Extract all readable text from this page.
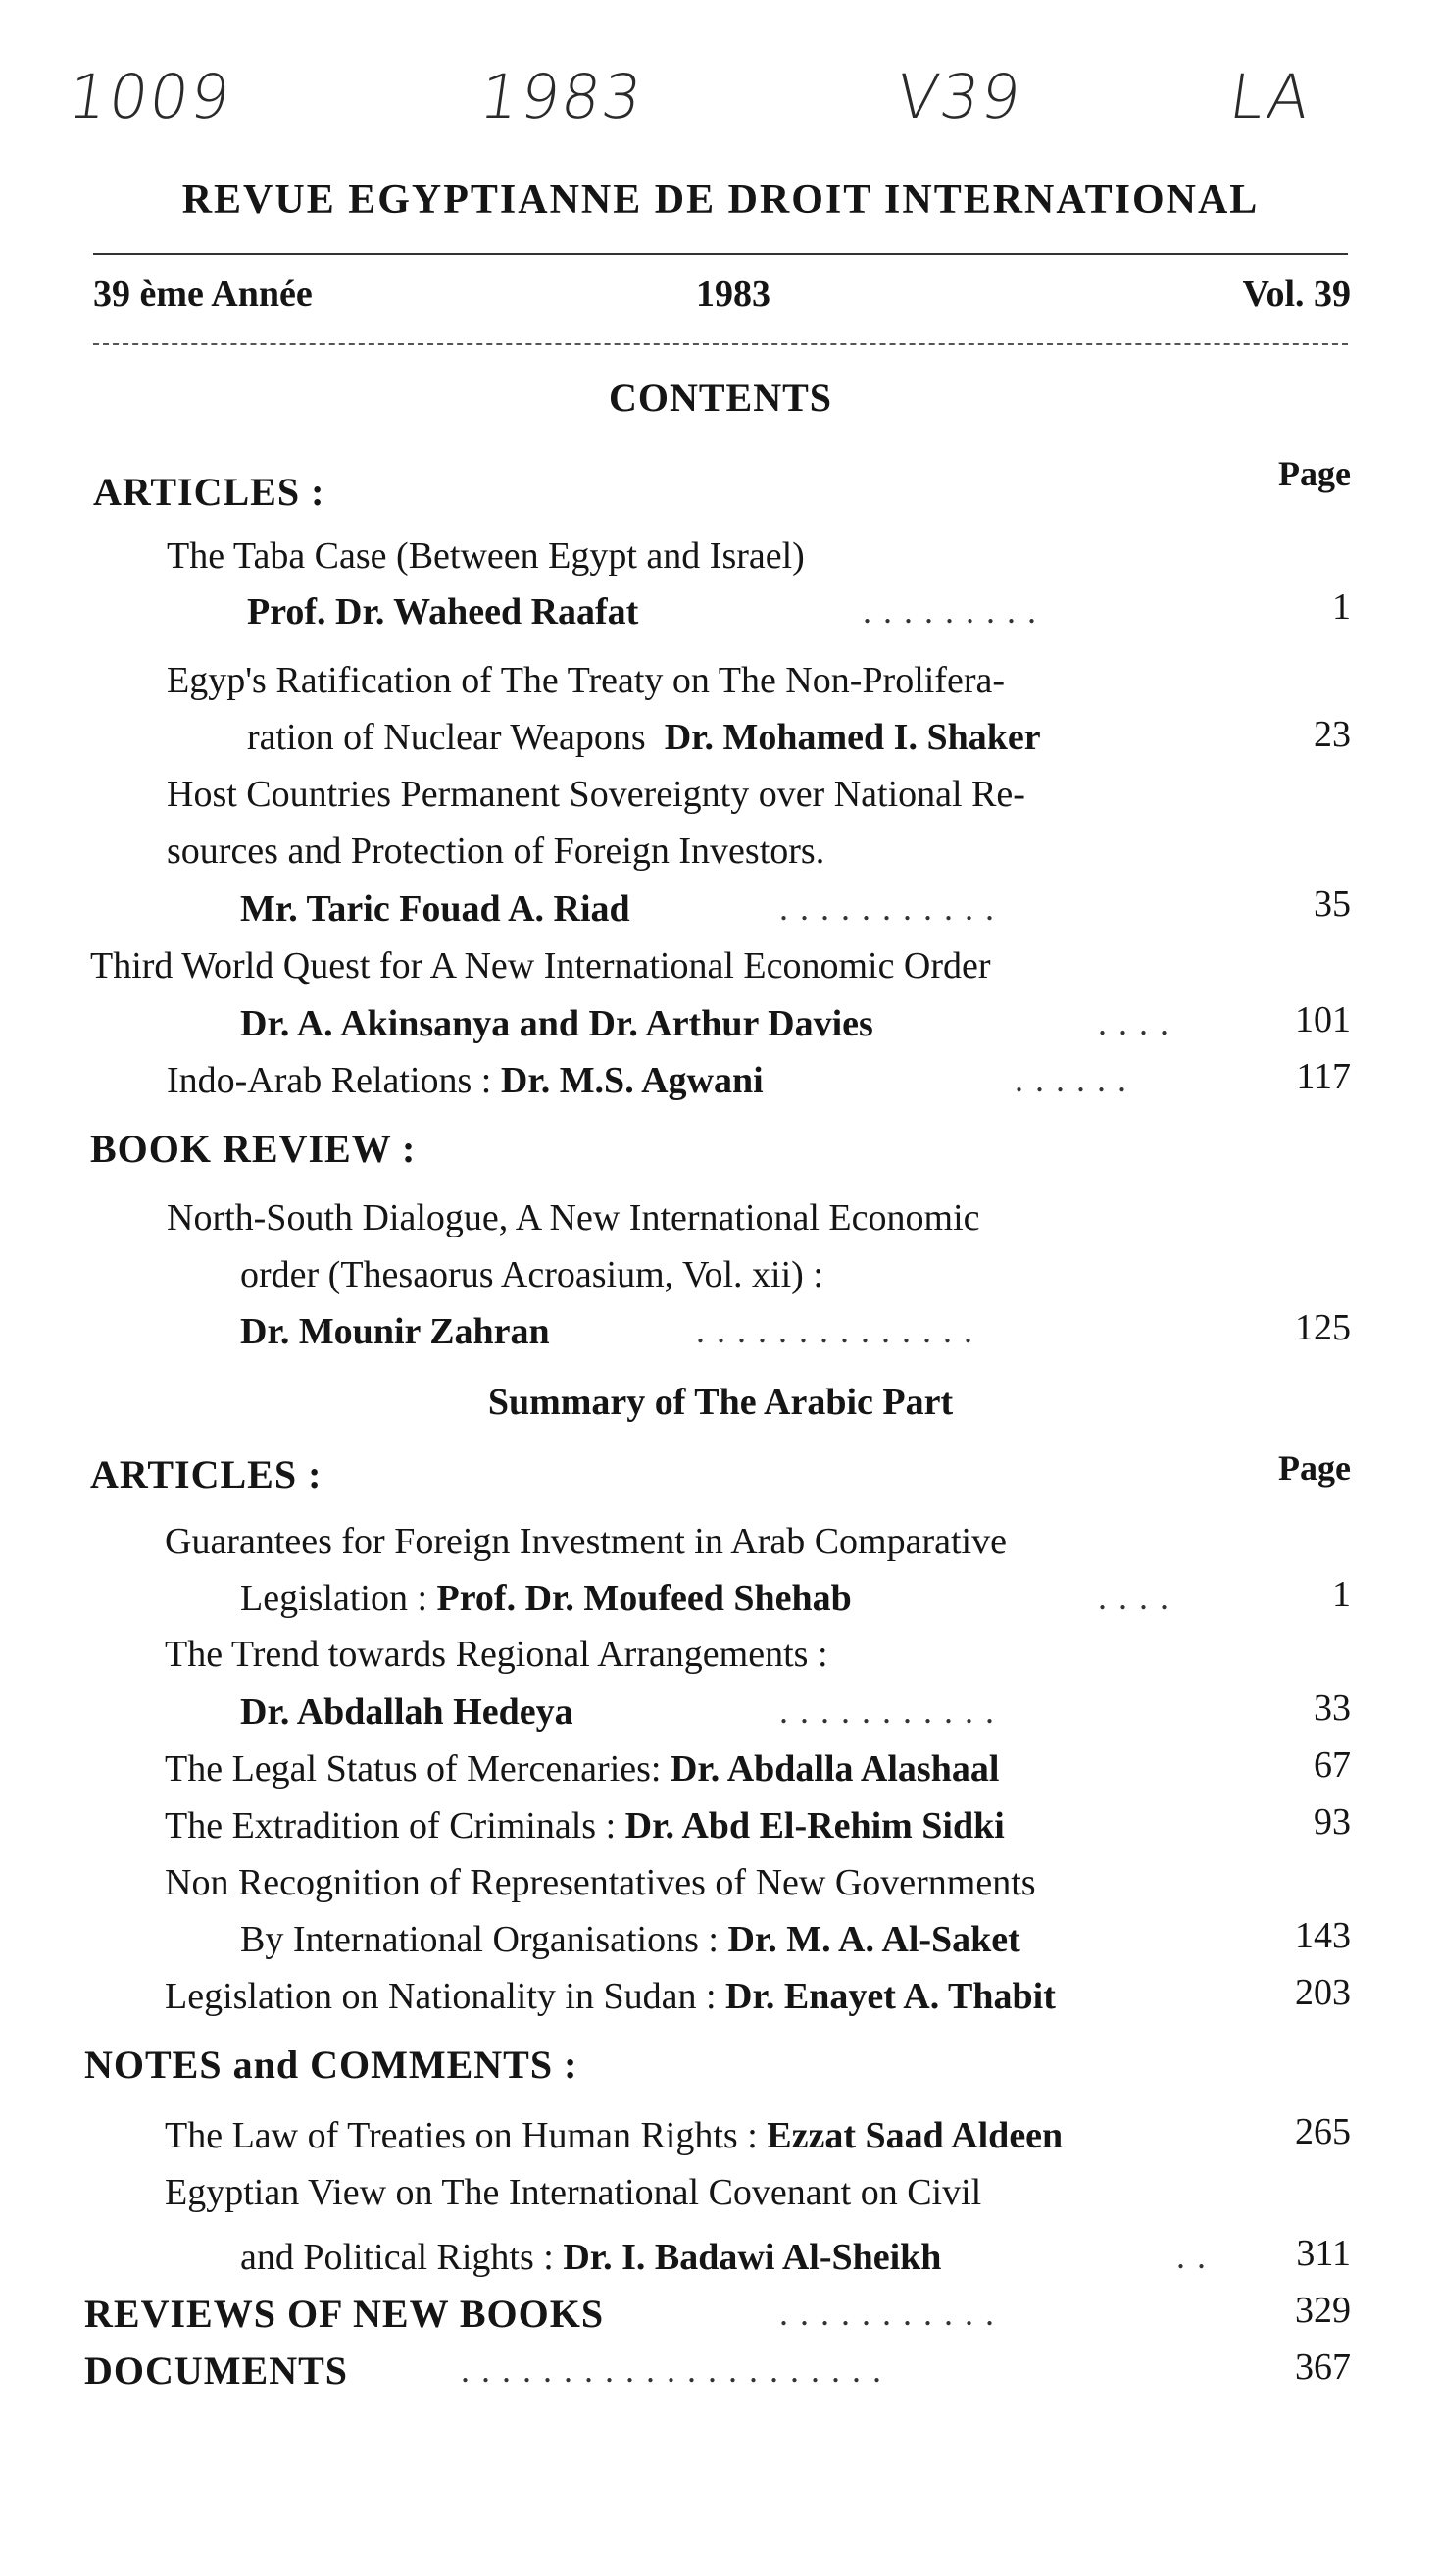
1009	1983	V39	LA
REVUE EGYPTIANNE DE DROIT INTERNATIONAL
39 ème Année	1983	Vol. 39
CONTENTS
ARTICLES :	Page
The Taba Case (Between Egypt and Israel)
Prof. Dr. Waheed Raafat	.........	1
Egyp's Ratification of The Treaty on The Non-Prolifera-
ration of Nuclear Weapons Dr. Mohamed I. Shaker	23
Host Countries Permanent Sovereignty over National Re-
sources and Protection of Foreign Investors.
Mr. Taric Fouad A. Riad	...........	35
Third World Quest for A New International Economic Order
Dr. A. Akinsanya and Dr. Arthur Davies	....	101
Indo-Arab Relations : Dr. M.S. Agwani	......	117
BOOK REVIEW :
North-South Dialogue, A New International Economic
order (Thesaorus Acroasium, Vol. xii) :
Dr. Mounir Zahran	..............	125
Summary of The Arabic Part
ARTICLES :	Page
Guarantees for Foreign Investment in Arab Comparative
Legislation : Prof. Dr. Moufeed Shehab	....	1
The Trend towards Regional Arrangements :
Dr. Abdallah Hedeya	...........	33
The Legal Status of Mercenaries: Dr. Abdalla Alashaal	67
The Extradition of Criminals : Dr. Abd El-Rehim Sidki	93
Non Recognition of Representatives of New Governments
By International Organisations : Dr. M. A. Al-Saket	143
Legislation on Nationality in Sudan : Dr. Enayet A. Thabit	203
NOTES and COMMENTS :
The Law of Treaties on Human Rights : Ezzat Saad Aldeen	265
Egyptian View on The International Covenant on Civil
and Political Rights : Dr. I. Badawi Al-Sheikh	.. 311
REVIEWS OF NEW BOOKS	...........	329
DOCUMENTS	.....................	367
